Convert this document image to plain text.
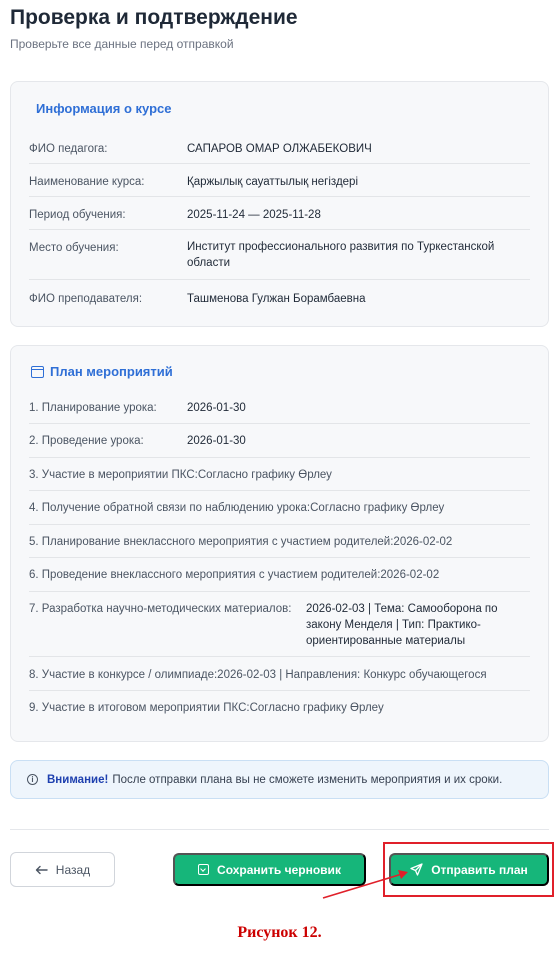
Проверка и подтверждение
Проверьте все данные перед отправкой
Информация о курсе
ФИО педагога:	САПАРОВ ОМАР ОЛЖАБЕКОВИЧ
Наименование курса:	Қаржылық сауаттылық негіздері
Период обучения:	2025-11-24 — 2025-11-28
Место обучения:	Институт профессионального развития по Туркестанской
области
ФИО преподавателя:	Ташменова Гулжан Борамбаевна
План мероприятий
1. Планирование урока:	2026-01-30
2. Проведение урока:	2026-01-30
3. Участие в мероприятии ПКС:Согласно графику Өрлеу
4. Получение обратной связи по наблюдению урока:Согласно графику Өрлеу
5. Планирование внеклассного мероприятия с участием родителей:2026-02-02
6. Проведение внеклассного мероприятия с участием родителей:2026-02-02
7. Разработка научно-методических материалов: 2026-02-03 | Тема: Самооборона по
закону Менделя | Тип: Практико-
ориентированные материалы
8. Участие в конкурсе / олимпиаде:2026-02-03 | Направления: Конкурс обучающегося
9. Участие в итоговом мероприятии ПКС:Согласно графику Өрлеу
i	Внимание! После отправки плана вы не сможете изменить мероприятия и их сроки.
Назад	Сохранить черновик	Отправить план
Рисунок 12.
